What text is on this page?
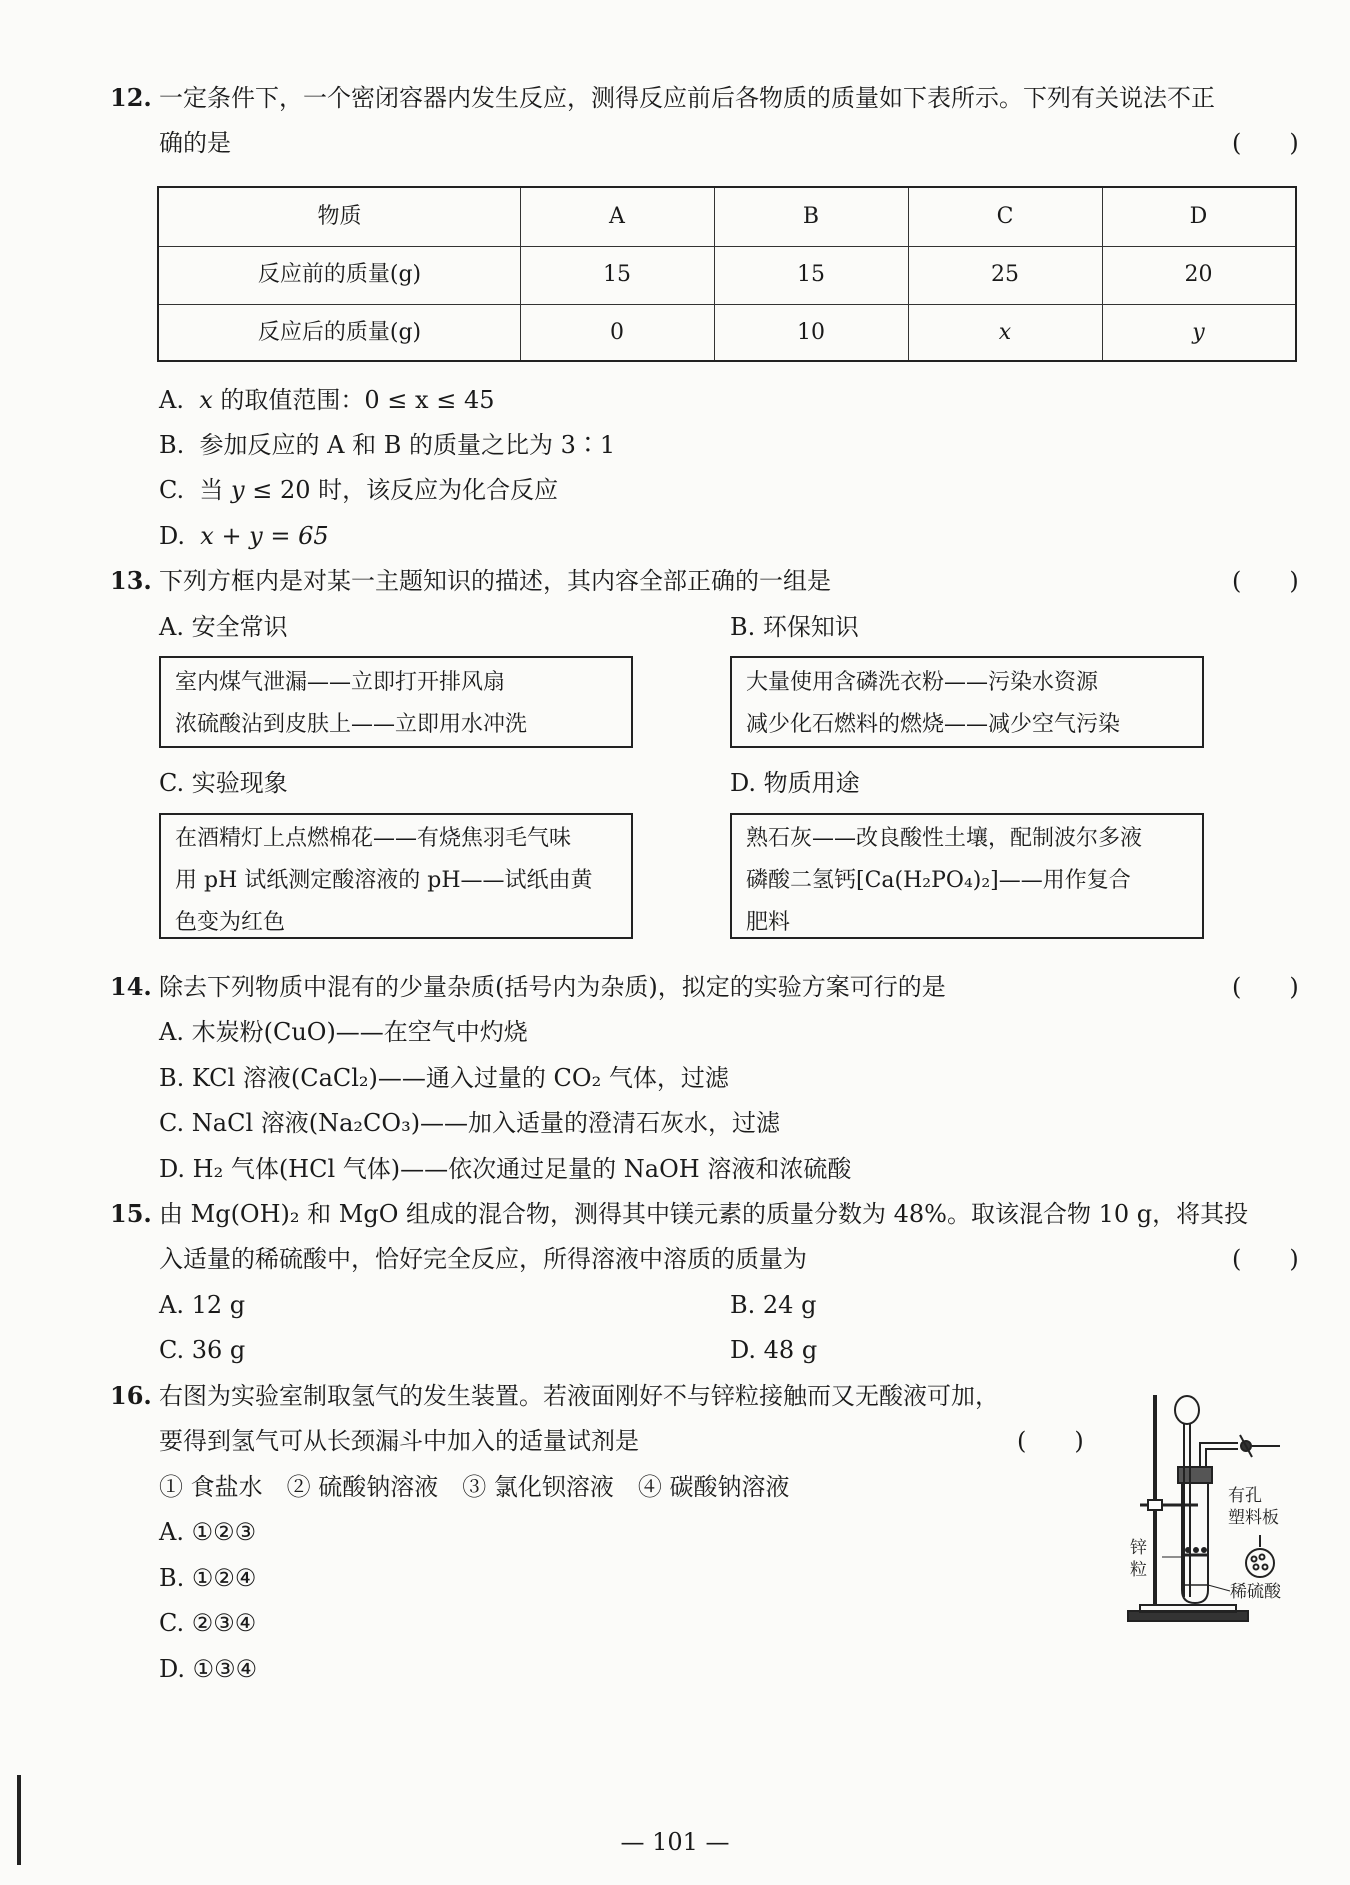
12. 一定条件下，一个密闭容器内发生反应，测得反应前后各物质的质量如下表所示。下列有关说法不正
确的是	(　　)
物质	A	B	C	D
反应前的质量(g)	15	15	25	20
反应后的质量(g)	0	10	x	y
A. x 的取值范围：0 ≤ x ≤ 45
B. 参加反应的 A 和 B 的质量之比为 3∶1
C. 当 y ≤ 20 时，该反应为化合反应
D. x + y = 65
13. 下列方框内是对某一主题知识的描述，其内容全部正确的一组是	(　　)
A. 安全常识	B. 环保知识
室内煤气泄漏——立即打开排风扇
浓硫酸沾到皮肤上——立即用水冲洗
大量使用含磷洗衣粉——污染水资源
减少化石燃料的燃烧——减少空气污染
C. 实验现象	D. 物质用途
在酒精灯上点燃棉花——有烧焦羽毛气味
用 pH 试纸测定酸溶液的 pH——试纸由黄
色变为红色
熟石灰——改良酸性土壤，配制波尔多液
磷酸二氢钙[Ca(H₂PO₄)₂]——用作复合
肥料
14. 除去下列物质中混有的少量杂质(括号内为杂质)，拟定的实验方案可行的是	(　　)
A. 木炭粉(CuO)——在空气中灼烧
B. KCl 溶液(CaCl₂)——通入过量的 CO₂ 气体，过滤
C. NaCl 溶液(Na₂CO₃)——加入适量的澄清石灰水，过滤
D. H₂ 气体(HCl 气体)——依次通过足量的 NaOH 溶液和浓硫酸
15. 由 Mg(OH)₂ 和 MgO 组成的混合物，测得其中镁元素的质量分数为 48%。取该混合物 10 g，将其投
入适量的稀硫酸中，恰好完全反应，所得溶液中溶质的质量为	(　　)
A. 12 g	B. 24 g
C. 36 g	D. 48 g
16. 右图为实验室制取氢气的发生装置。若液面刚好不与锌粒接触而又无酸液可加，
要得到氢气可从长颈漏斗中加入的适量试剂是	(　　)
① 食盐水　② 硫酸钠溶液　③ 氯化钡溶液　④ 碳酸钠溶液
A. ①②③
B. ①②④
C. ②③④
D. ①③④
有孔
塑料板
锌
粒
稀硫酸
— 101 —
